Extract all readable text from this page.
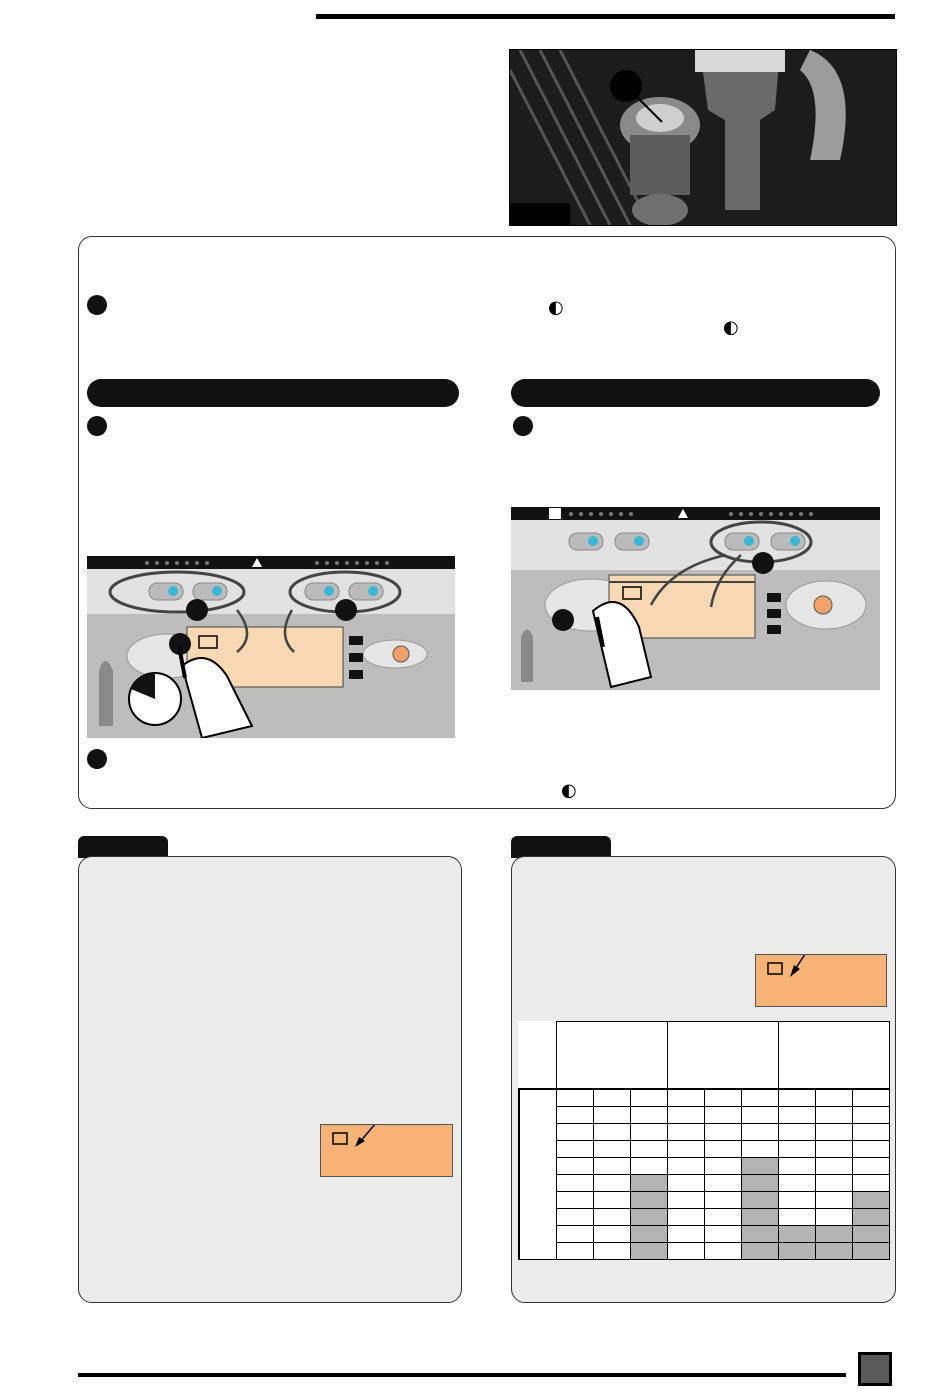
◐
◐
◐
